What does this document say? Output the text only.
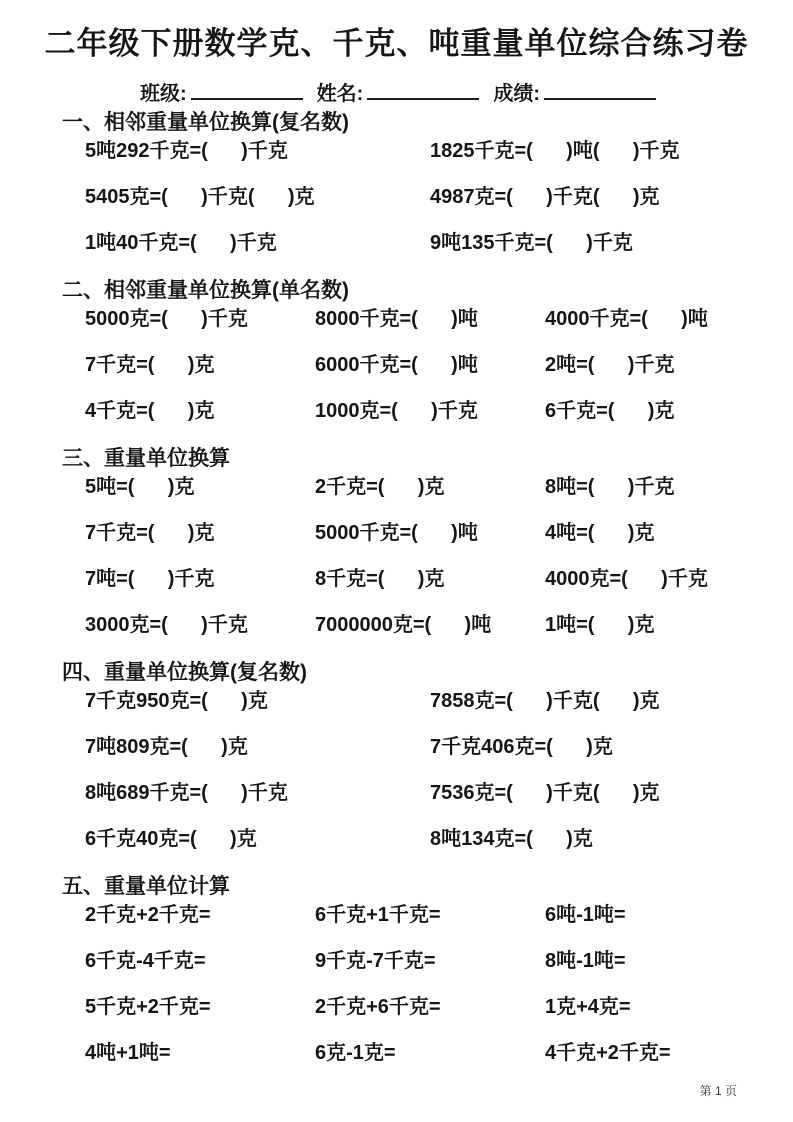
二年级下册数学克、千克、吨重量单位综合练习卷
班级:	姓名:	成绩:
一、相邻重量单位换算(复名数)
5吨292千克=(      )千克	1825千克=(      )吨(      )千克
5405克=(      )千克(      )克	4987克=(      )千克(      )克
1吨40千克=(      )千克	9吨135千克=(      )千克
二、相邻重量单位换算(单名数)
5000克=(      )千克	8000千克=(      )吨	4000千克=(      )吨
7千克=(      )克	6000千克=(      )吨	2吨=(      )千克
4千克=(      )克	1000克=(      )千克	6千克=(      )克
三、重量单位换算
5吨=(      )克	2千克=(      )克	8吨=(      )千克
7千克=(      )克	5000千克=(      )吨	4吨=(      )克
7吨=(      )千克	8千克=(      )克	4000克=(      )千克
3000克=(      )千克	7000000克=(      )吨	1吨=(      )克
四、重量单位换算(复名数)
7千克950克=(      )克	7858克=(      )千克(      )克
7吨809克=(      )克	7千克406克=(      )克
8吨689千克=(      )千克	7536克=(      )千克(      )克
6千克40克=(      )克	8吨134克=(      )克
五、重量单位计算
2千克+2千克=	6千克+1千克=	6吨-1吨=
6千克-4千克=	9千克-7千克=	8吨-1吨=
5千克+2千克=	2千克+6千克=	1克+4克=
4吨+1吨=	6克-1克=	4千克+2千克=
第 1 页
